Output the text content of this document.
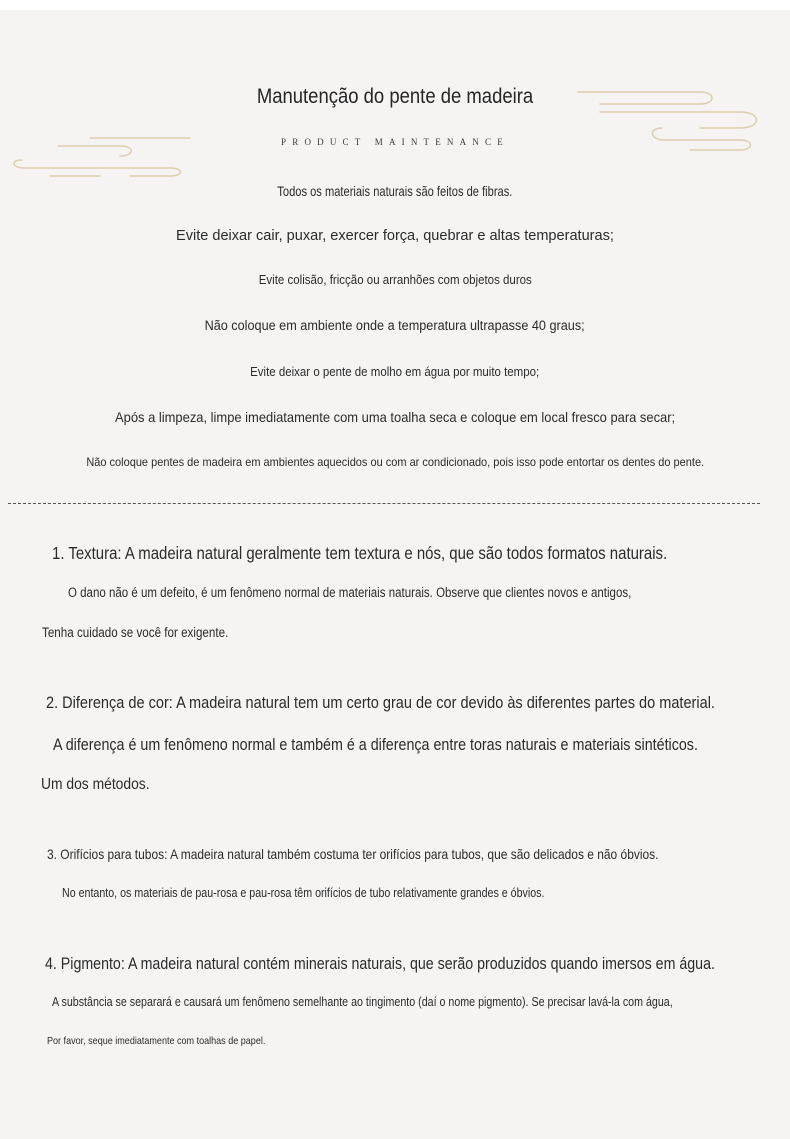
Manutenção do pente de madeira

PRODUCT MAINTENANCE

Todos os materiais naturais são feitos de fibras.

Evite deixar cair, puxar, exercer força, quebrar e altas temperaturas;

Evite colisão, fricção ou arranhões com objetos duros

Não coloque em ambiente onde a temperatura ultrapasse 40 graus;

Evite deixar o pente de molho em água por muito tempo;

Após a limpeza, limpe imediatamente com uma toalha seca e coloque em local fresco para secar;

Não coloque pentes de madeira em ambientes aquecidos ou com ar condicionado, pois isso pode entortar os dentes do pente.

1. Textura: A madeira natural geralmente tem textura e nós, que são todos formatos naturais.

O dano não é um defeito, é um fenômeno normal de materiais naturais. Observe que clientes novos e antigos,

Tenha cuidado se você for exigente.

2. Diferença de cor: A madeira natural tem um certo grau de cor devido às diferentes partes do material.

A diferença é um fenômeno normal e também é a diferença entre toras naturais e materiais sintéticos.

Um dos métodos.

3. Orifícios para tubos: A madeira natural também costuma ter orifícios para tubos, que são delicados e não óbvios.

No entanto, os materiais de pau-rosa e pau-rosa têm orifícios de tubo relativamente grandes e óbvios.

4. Pigmento: A madeira natural contém minerais naturais, que serão produzidos quando imersos em água.

A substância se separará e causará um fenômeno semelhante ao tingimento (daí o nome pigmento). Se precisar lavá-la com água,

Por favor, seque imediatamente com toalhas de papel.
